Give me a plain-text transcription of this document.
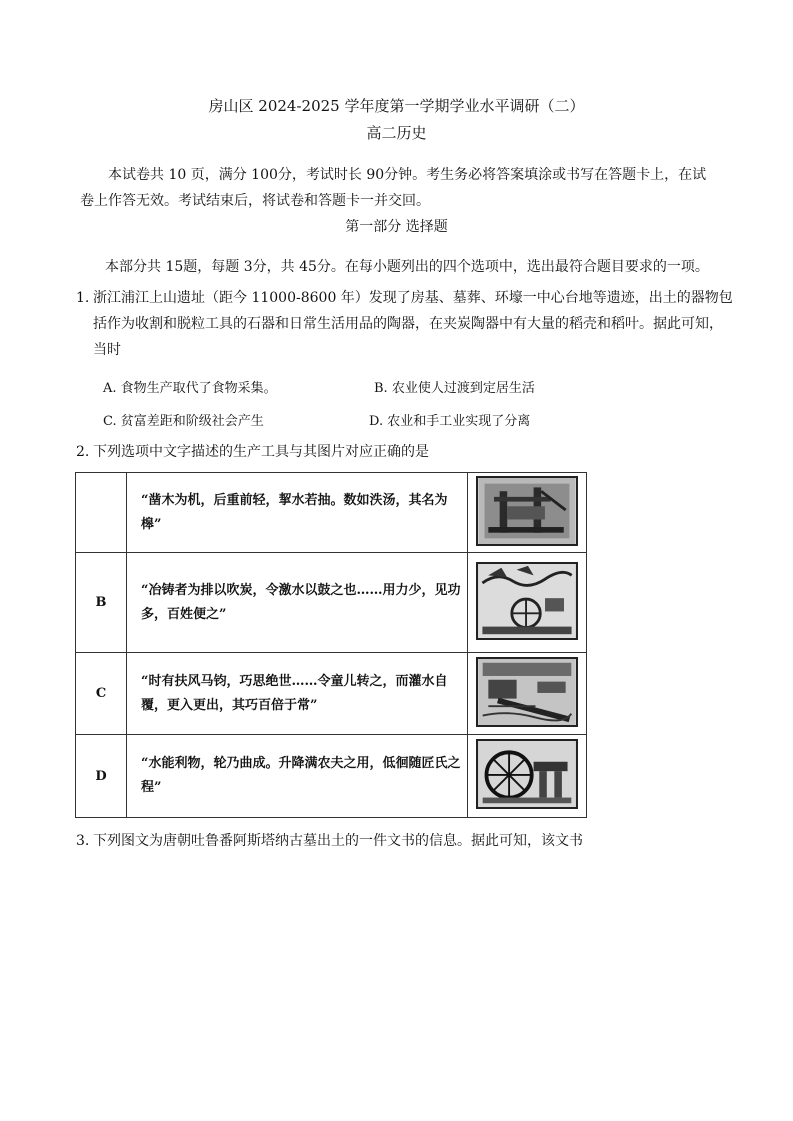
房山区 2024-2025 学年度第一学期学业水平调研（二）
高二历史
本试卷共 10 页，满分 100分，考试时长 90分钟。考生务必将答案填涂或书写在答题卡上，在试卷上作答无效。考试结束后，将试卷和答题卡一并交回。
第一部分 选择题
本部分共 15题，每题 3分，共 45分。在每小题列出的四个选项中，选出最符合题目要求的一项。
1. 浙江浦江上山遗址（距今 11000-8600 年）发现了房基、墓葬、环壕一中心台地等遗迹，出土的器物包括作为收割和脱粒工具的石器和日常生活用品的陶器，在夹炭陶器中有大量的稻壳和稻叶。据此可知，当时
A. 食物生产取代了食物采集。	B. 农业使人过渡到定居生活
C. 贫富差距和阶级社会产生	D. 农业和手工业实现了分离
2. 下列选项中文字描述的生产工具与其图片对应正确的是
	“凿木为机，后重前轻，挈水若抽。数如泆汤，其名为槔”	

B	“冶铸者为排以吹炭，令激水以鼓之也……用力少，见功多，百姓便之”	

C	“时有扶风马钧，巧思绝世……令童儿转之，而灌水自覆，更入更出，其巧百倍于常”	

D	“水能利物，轮乃曲成。升降满农夫之用，低徊随匠氏之程”	
3. 下列图文为唐朝吐鲁番阿斯塔纳古墓出土的一件文书的信息。据此可知，该文书
